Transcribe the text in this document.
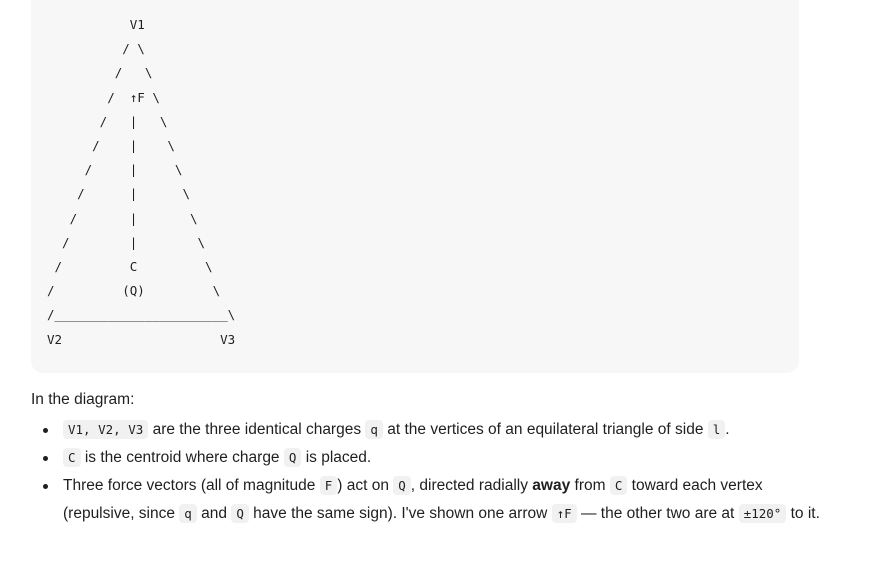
V1
/ \
/   \
/  ↑F \
/   |   \
/    |    \
/     |     \
/      |      \
/       |       \
/        |        \
/         C         \
/         (Q)         \
/_______________________\
V2                     V3

In the diagram:

V1, V2, V3 are the three identical charges q at the vertices of an equilateral triangle of side l .
C is the centroid where charge Q is placed.
Three force vectors (all of magnitude F ) act on Q , directed radially away from C toward each vertex (repulsive, since q and Q have the same sign). I've shown one arrow ↑F — the other two are at ±120° to it.
